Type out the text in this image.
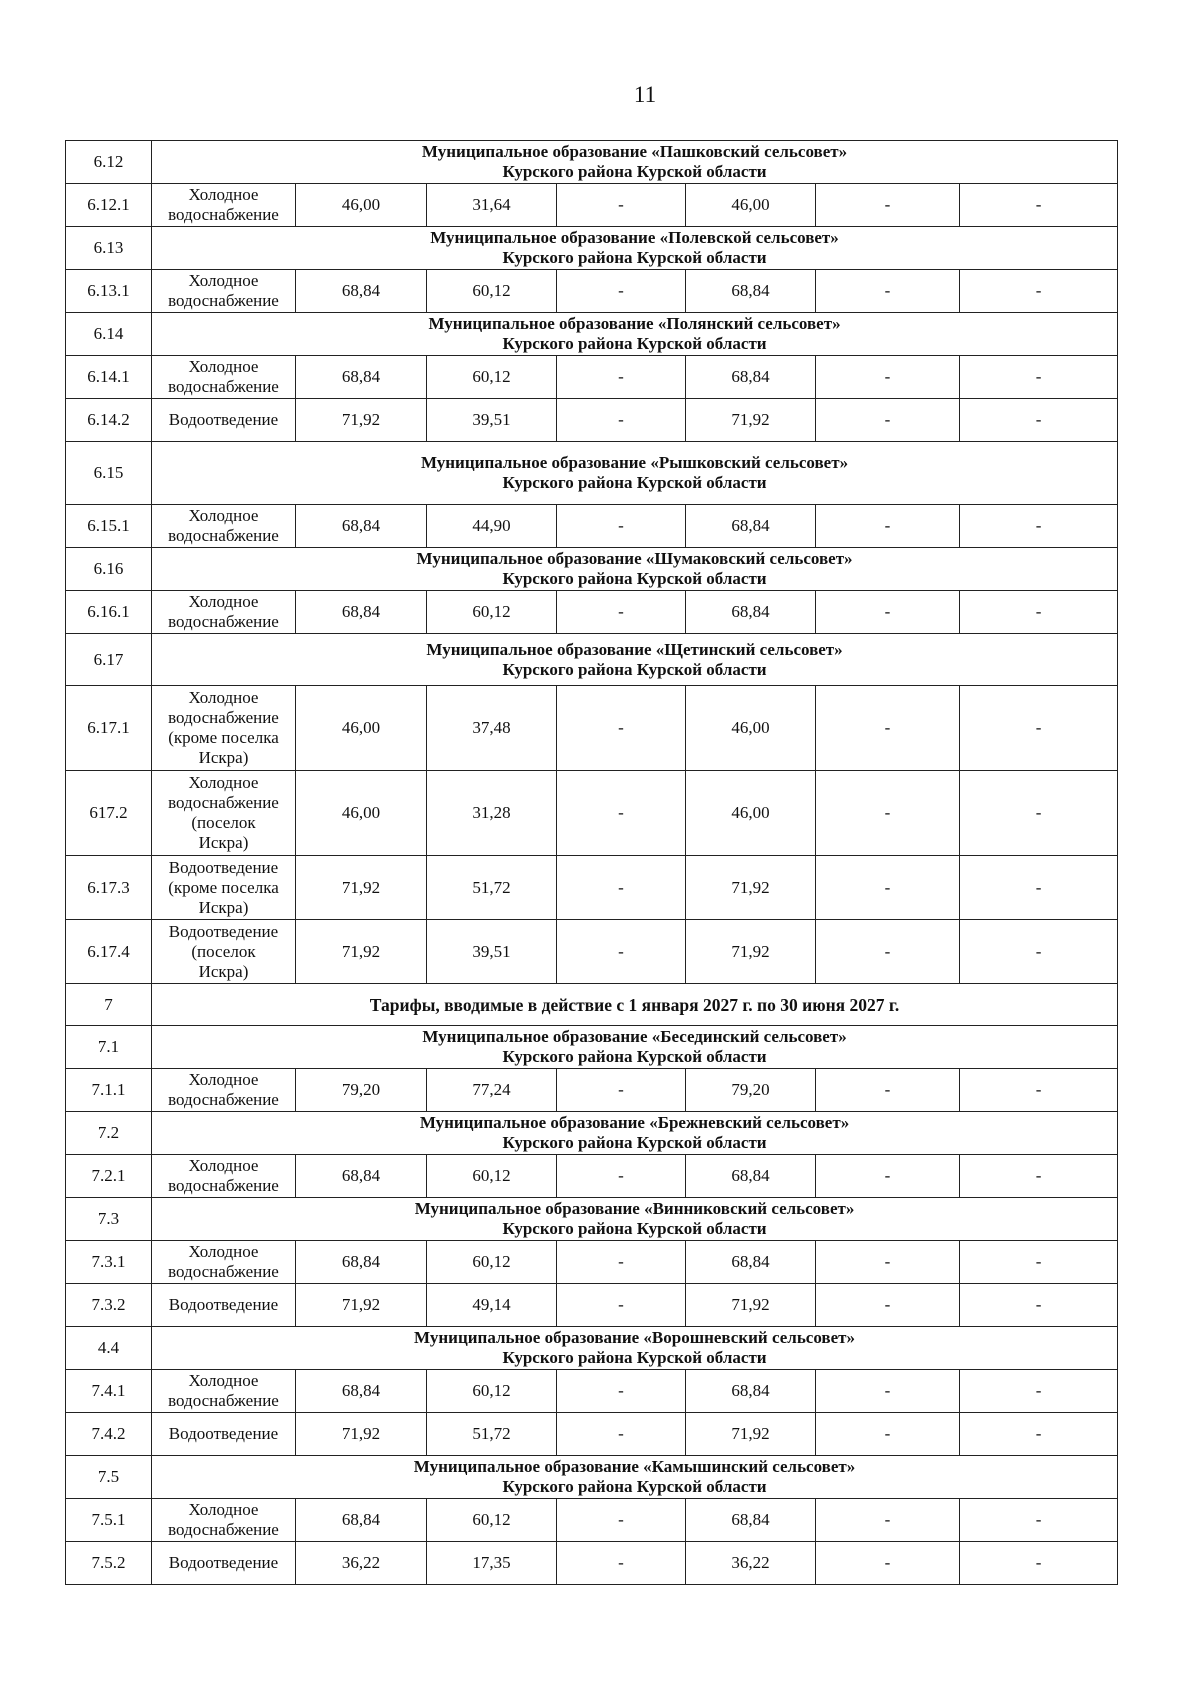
11
6.12	Муниципальное образование «Пашковский сельсовет»
Курского района Курской области						

6.12.1	Холодное
водоснабжение	46,00	31,64	-	46,00	-	-
6.13	Муниципальное образование «Полевской сельсовет»
Курского района Курской области						

6.13.1	Холодное
водоснабжение	68,84	60,12	-	68,84	-	-
6.14	Муниципальное образование «Полянский сельсовет»
Курского района Курской области						

6.14.1	Холодное
водоснабжение	68,84	60,12	-	68,84	-	-
6.14.2	Водоотведение	71,92	39,51	-	71,92	-	-
6.15	Муниципальное образование «Рышковский сельсовет»
Курского района Курской области						

6.15.1	Холодное
водоснабжение	68,84	44,90	-	68,84	-	-
6.16	Муниципальное образование «Шумаковский сельсовет»
Курского района Курской области						

6.16.1	Холодное
водоснабжение	68,84	60,12	-	68,84	-	-
6.17	Муниципальное образование «Щетинский сельсовет»
Курского района Курской области						

6.17.1	Холодное
водоснабжение
(кроме поселка
Искра)	46,00	37,48	-	46,00	-	-
617.2	Холодное
водоснабжение
(поселок
Искра)	46,00	31,28	-	46,00	-	-
6.17.3	Водоотведение
(кроме поселка
Искра)	71,92	51,72	-	71,92	-	-
6.17.4	Водоотведение
(поселок
Искра)	71,92	39,51	-	71,92	-	-
7	Тарифы, вводимые в действие с 1 января 2027 г. по 30 июня 2027 г.						

7.1	Муниципальное образование «Бесединский сельсовет»
Курского района Курской области						

7.1.1	Холодное
водоснабжение	79,20	77,24	-	79,20	-	-
7.2	Муниципальное образование «Брежневский сельсовет»
Курского района Курской области						

7.2.1	Холодное
водоснабжение	68,84	60,12	-	68,84	-	-
7.3	Муниципальное образование «Винниковский сельсовет»
Курского района Курской области						

7.3.1	Холодное
водоснабжение	68,84	60,12	-	68,84	-	-
7.3.2	Водоотведение	71,92	49,14	-	71,92	-	-
4.4	Муниципальное образование «Ворошневский сельсовет»
Курского района Курской области						

7.4.1	Холодное
водоснабжение	68,84	60,12	-	68,84	-	-
7.4.2	Водоотведение	71,92	51,72	-	71,92	-	-
7.5	Муниципальное образование «Камышинский сельсовет»
Курского района Курской области						

7.5.1	Холодное
водоснабжение	68,84	60,12	-	68,84	-	-
7.5.2	Водоотведение	36,22	17,35	-	36,22	-	-
